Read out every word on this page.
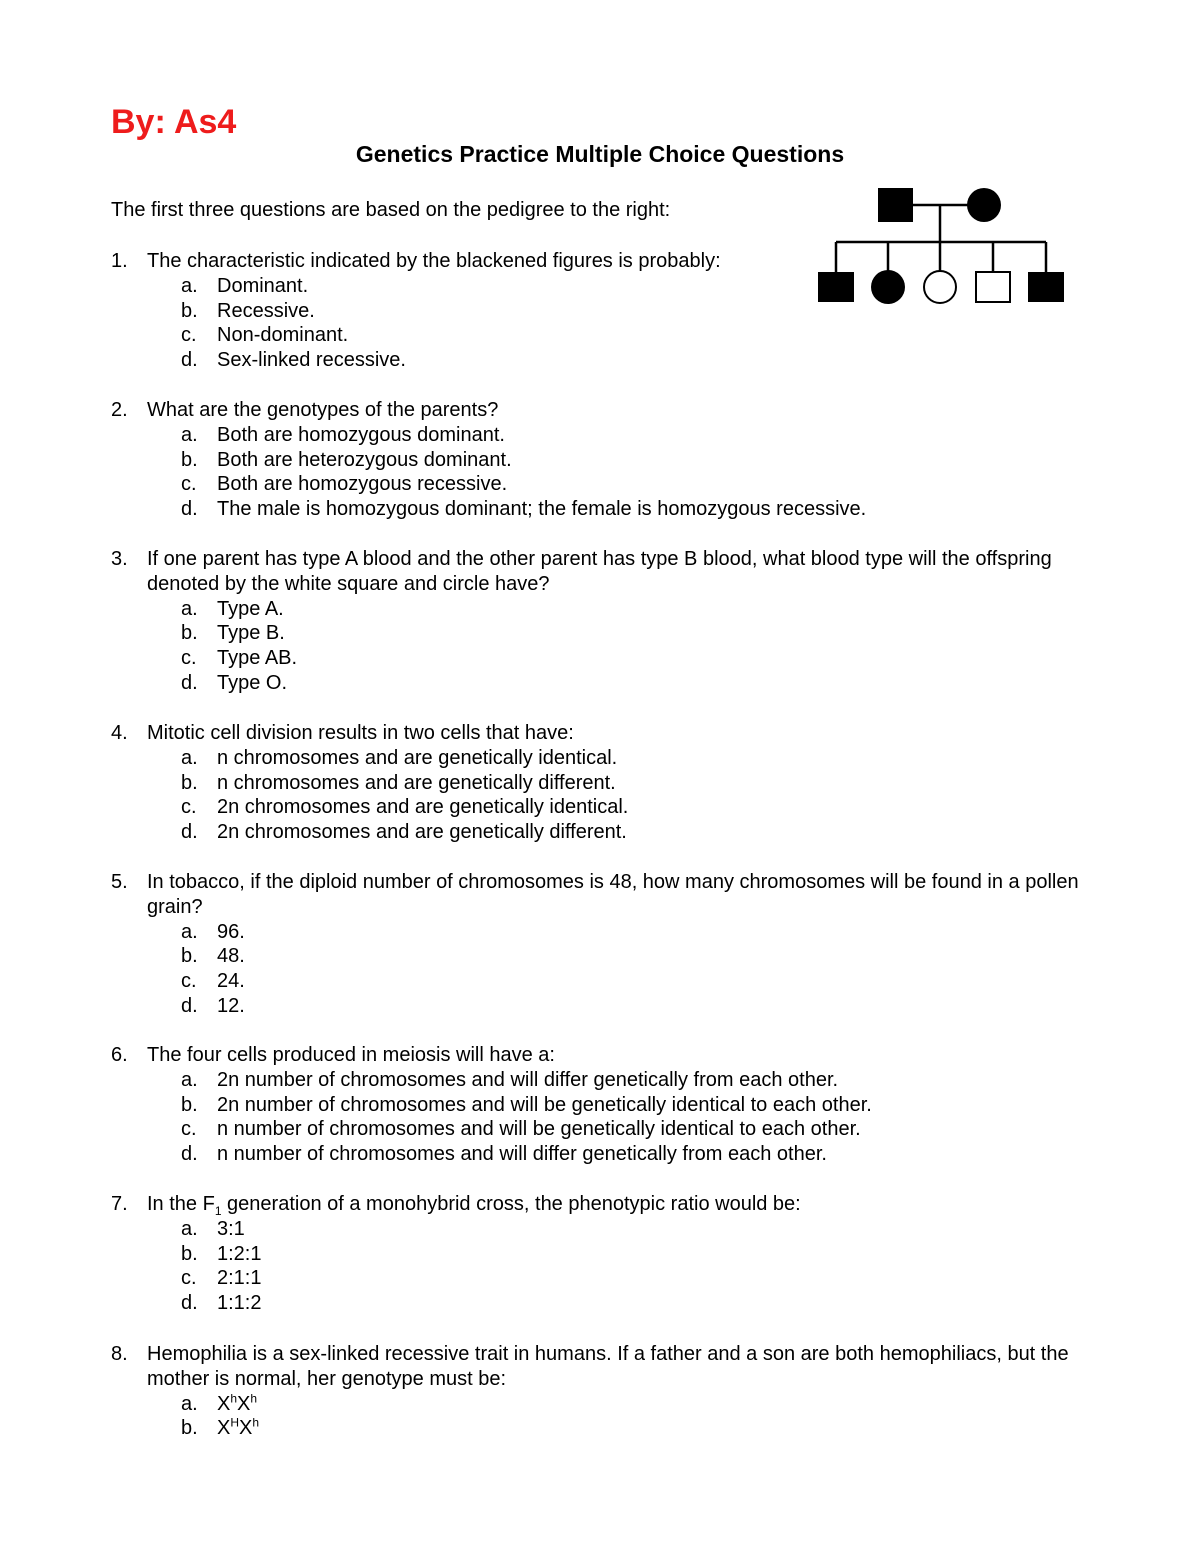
By: As4
Genetics Practice Multiple Choice Questions
The first three questions are based on the pedigree to the right:
1. The characteristic indicated by the blackened figures is probably:
a. Dominant.
b. Recessive.
c.	Non-dominant.
d. Sex-linked recessive.
2. What are the genotypes of the parents?
a. Both are homozygous dominant.
b. Both are heterozygous dominant.
c.	Both are homozygous recessive.
d. The male is homozygous dominant; the female is homozygous recessive.
3. If one parent has type A blood and the other parent has type B blood, what blood type will the offspring denoted by the white square and circle have?
a. Type A.
b. Type B.
c.	Type AB.
d. Type O.
4. Mitotic cell division results in two cells that have:
a. n chromosomes and are genetically identical.
b. n chromosomes and are genetically different.
c.	2n chromosomes and are genetically identical.
d. 2n chromosomes and are genetically different.
5. In tobacco, if the diploid number of chromosomes is 48, how many chromosomes will be found in a pollen grain?
a. 96.
b. 48.
c.	24.
d. 12.
6. The four cells produced in meiosis will have a:
a. 2n number of chromosomes and will differ genetically from each other.
b. 2n number of chromosomes and will be genetically identical to each other.
c.	n number of chromosomes and will be genetically identical to each other.
d. n number of chromosomes and will differ genetically from each other.
7. In the $F_1$ generation of a monohybrid cross, the phenotypic ratio would be:
a. 3:1
b. 1:2:1
c.	2:1:1
d. 1:1:2
8. Hemophilia is a sex-linked recessive trait in humans. If a father and a son are both hemophiliacs, but the mother is normal, her genotype must be:
a. $X^hX^h$
b. $X^HX^h$
